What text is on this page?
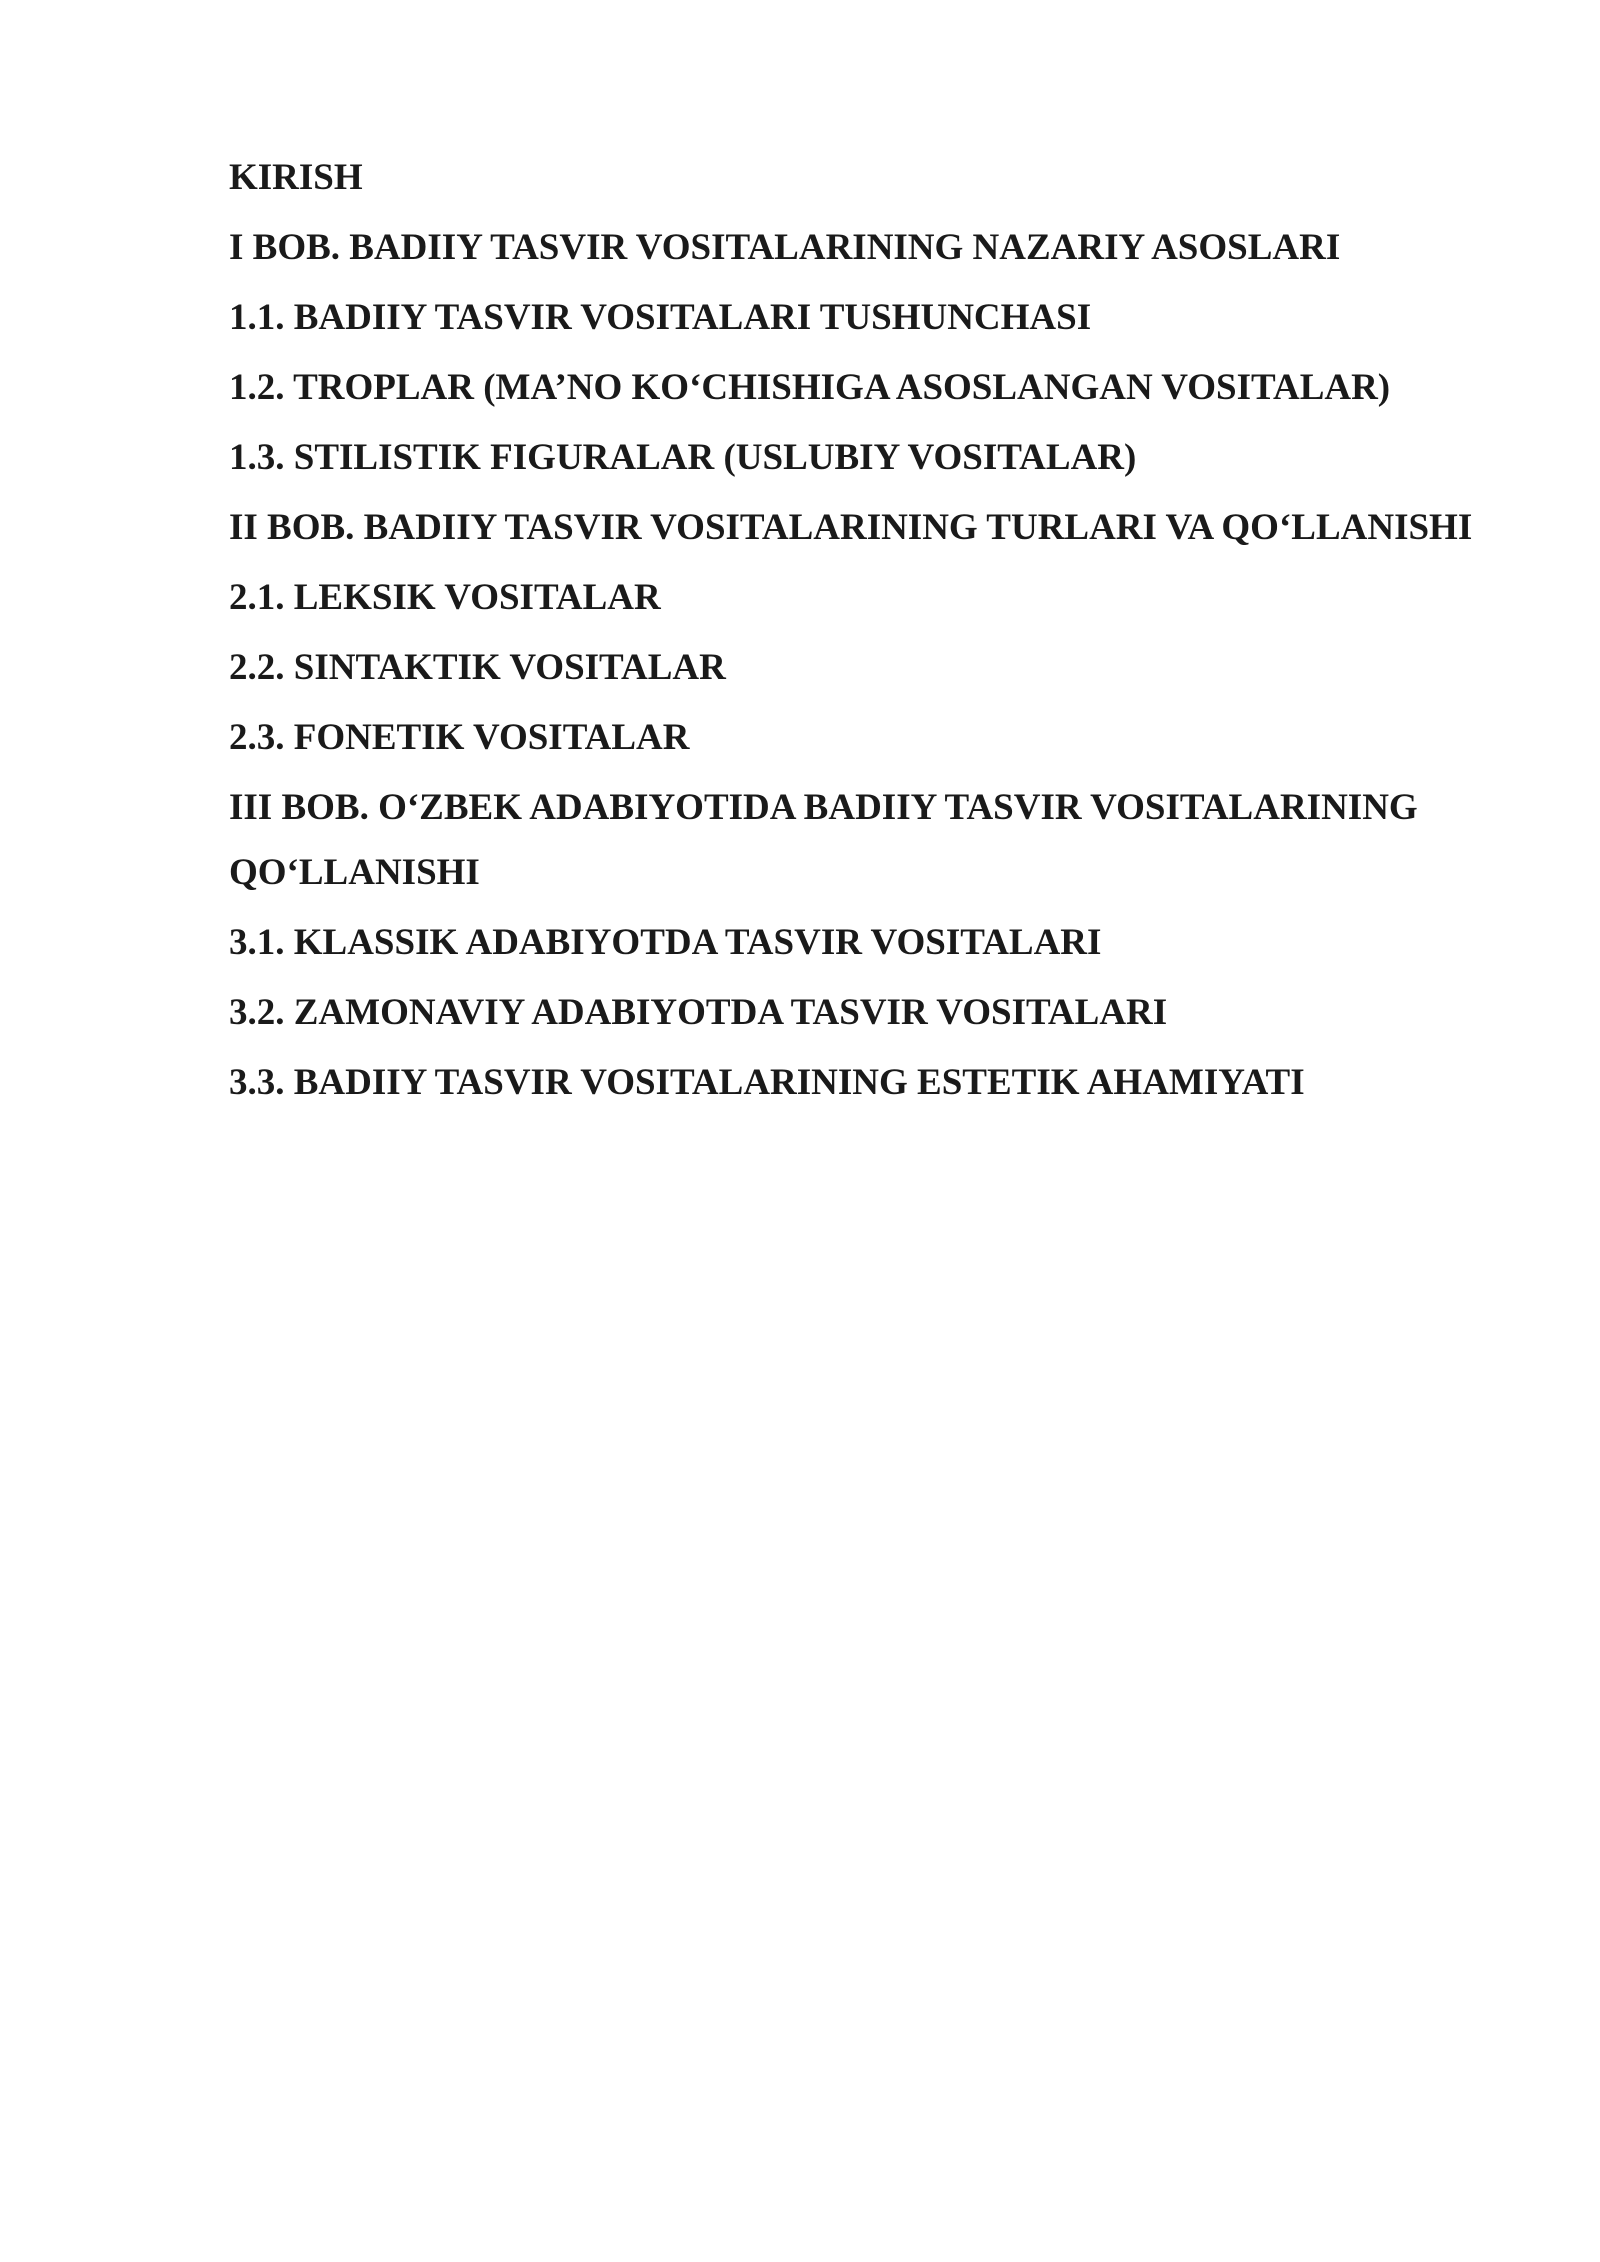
KIRISH
I BOB. BADIIY TASVIR VOSITALARINING NAZARIY ASOSLARI
1.1. BADIIY TASVIR VOSITALARI TUSHUNCHASI
1.2. TROPLAR (MA’NO KO‘CHISHIGA ASOSLANGAN VOSITALAR)
1.3. STILISTIK FIGURALAR (USLUBIY VOSITALAR)
II BOB. BADIIY TASVIR VOSITALARINING TURLARI VA QO‘LLANISHI
2.1. LEKSIK VOSITALAR
2.2. SINTAKTIK VOSITALAR
2.3. FONETIK VOSITALAR
III BOB. O‘ZBEK ADABIYOTIDA BADIIY TASVIR VOSITALARINING QO‘LLANISHI
3.1. KLASSIK ADABIYOTDA TASVIR VOSITALARI
3.2. ZAMONAVIY ADABIYOTDA TASVIR VOSITALARI
3.3. BADIIY TASVIR VOSITALARINING ESTETIK AHAMIYATI
